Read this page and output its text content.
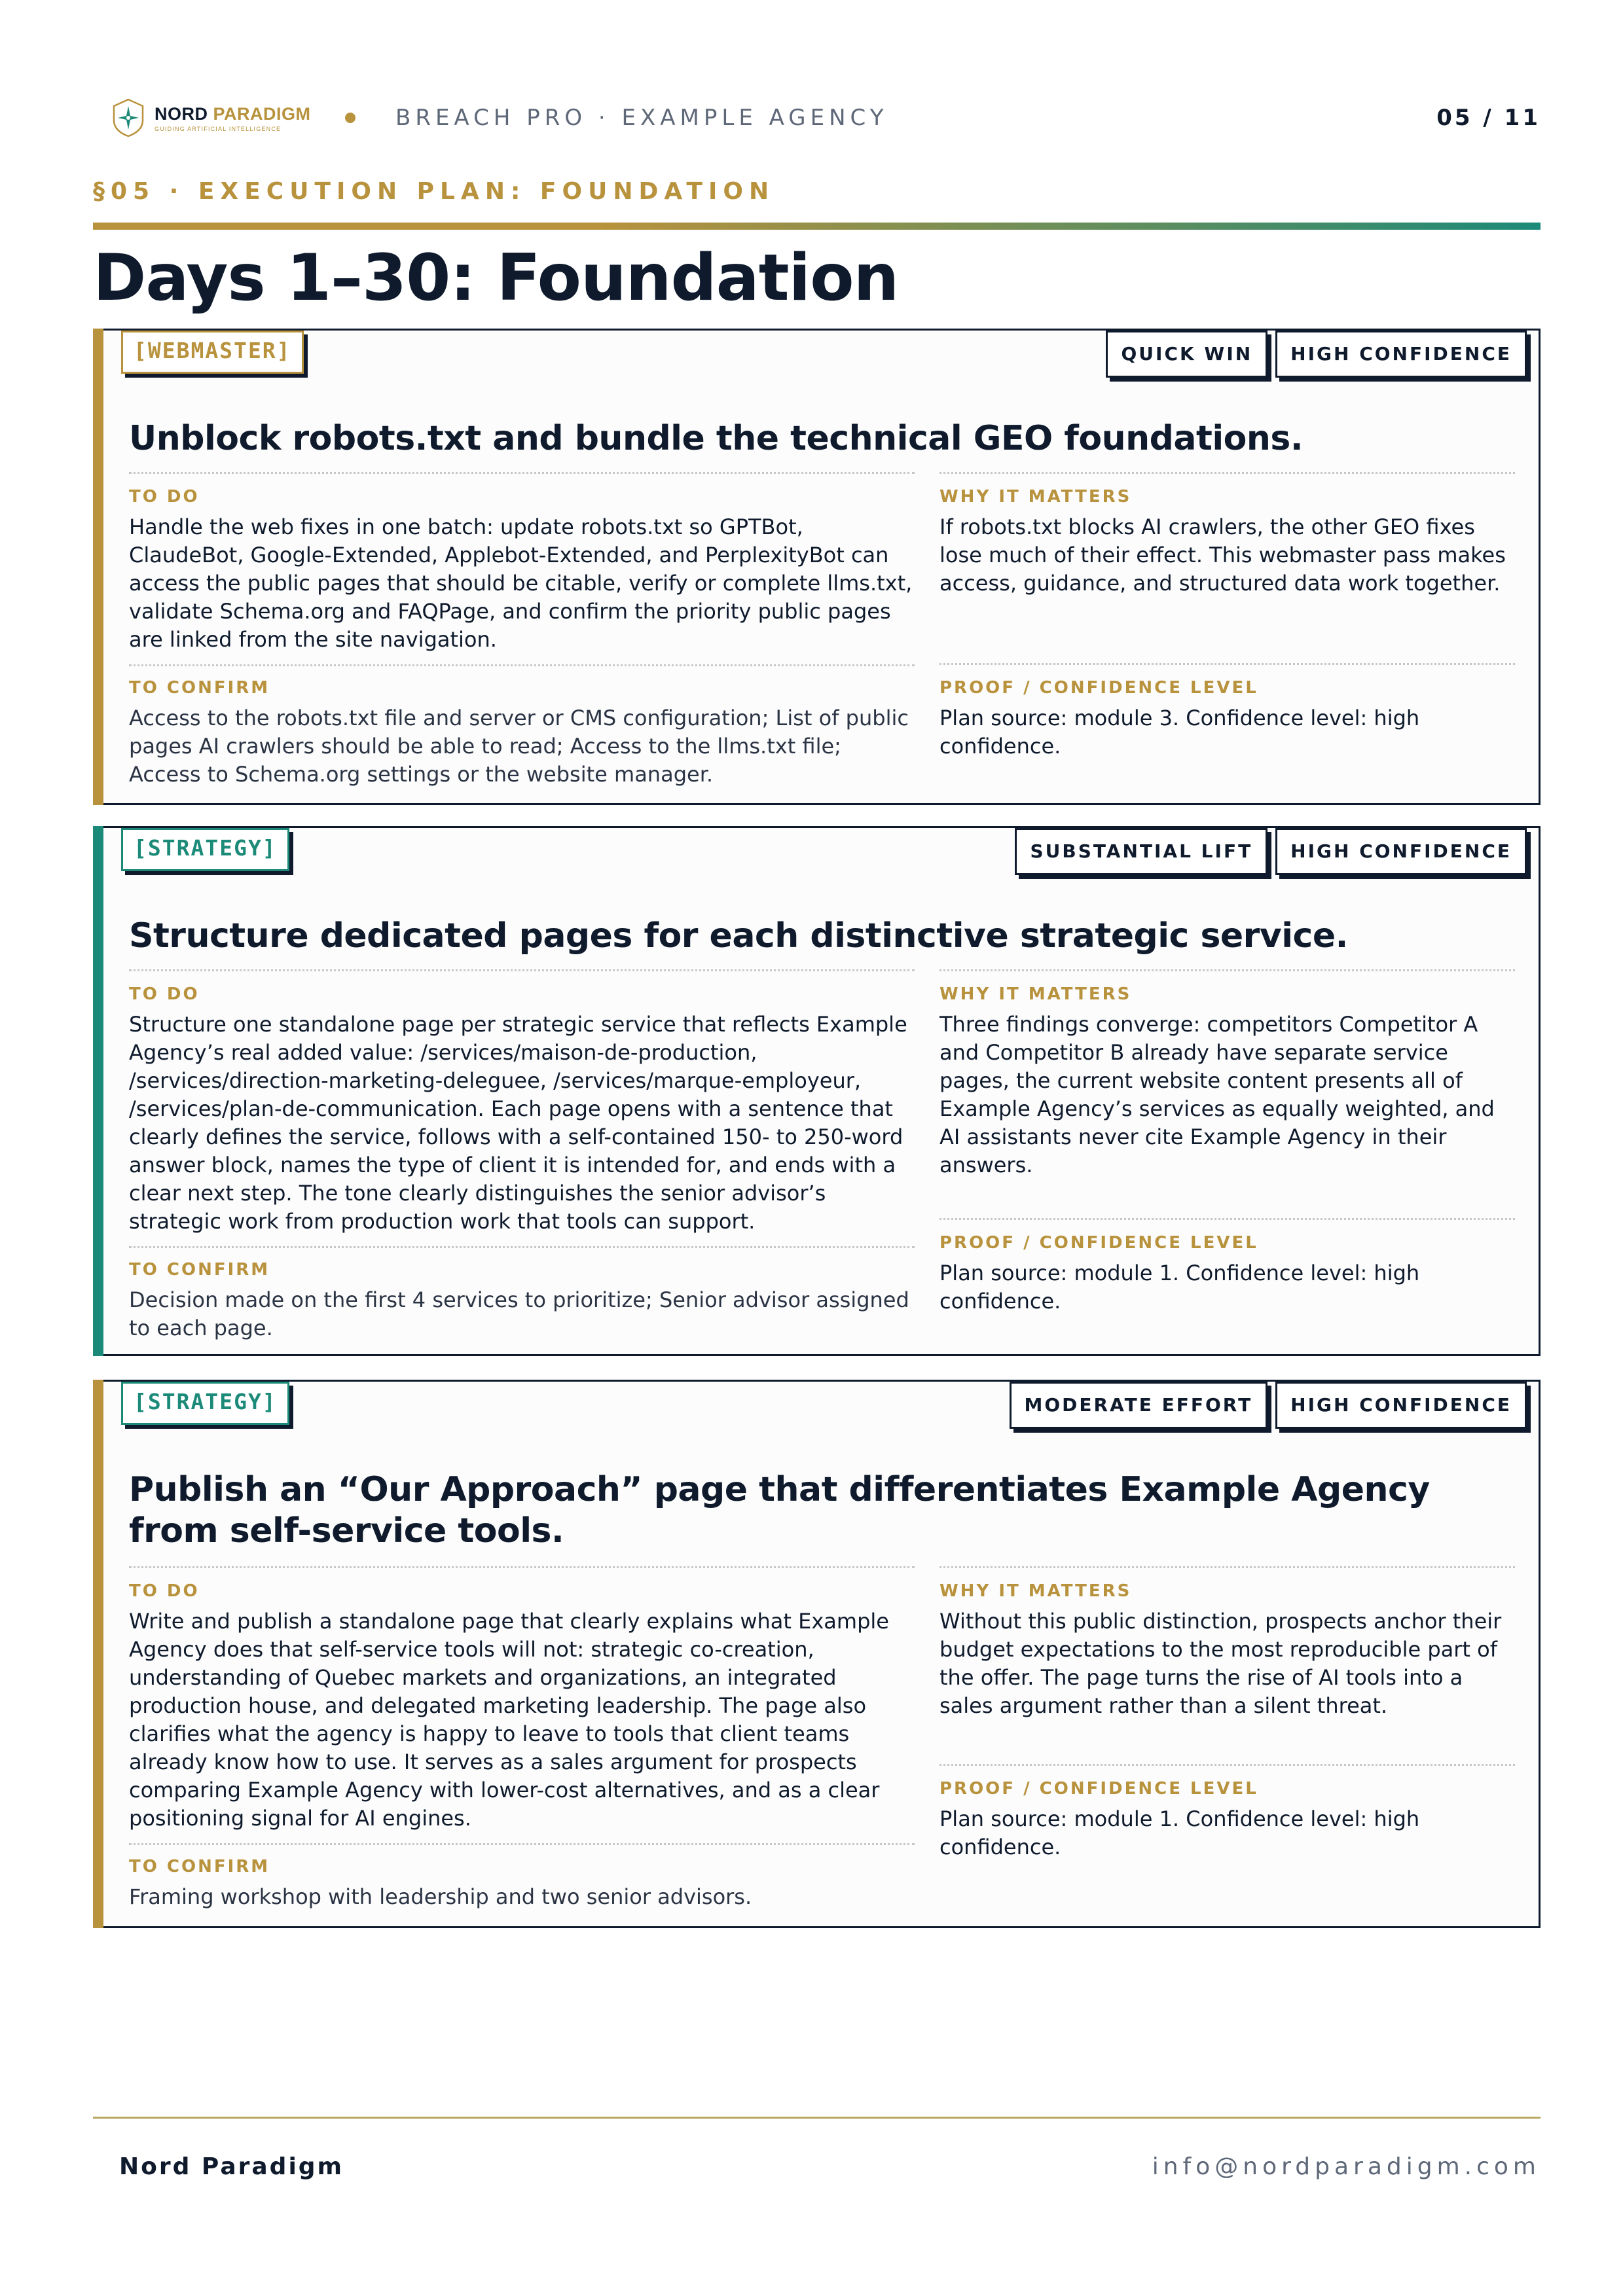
NORD PARADIGM
GUIDING ARTIFICIAL INTELLIGENCE	BREACH PRO · EXAMPLE AGENCY	05 / 11
§05 · EXECUTION PLAN: FOUNDATION
Days 1–30: Foundation
[WEBMASTER]	QUICK WIN	HIGH CONFIDENCE
Unblock robots.txt and bundle the technical GEO foundations.
TO DO
Handle the web fixes in one batch: update robots.txt so GPTBot, ClaudeBot, Google-Extended, Applebot-Extended, and PerplexityBot can access the public pages that should be citable, verify or complete llms.txt, validate Schema.org and FAQPage, and confirm the priority public pages are linked from the site navigation.
TO CONFIRM
Access to the robots.txt file and server or CMS configuration; List of public pages AI crawlers should be able to read; Access to the llms.txt file; Access to Schema.org settings or the website manager.
WHY IT MATTERS
If robots.txt blocks AI crawlers, the other GEO fixes lose much of their effect. This webmaster pass makes access, guidance, and structured data work together.
PROOF / CONFIDENCE LEVEL
Plan source: module 3. Confidence level: high confidence.
[STRATEGY]	SUBSTANTIAL LIFT	HIGH CONFIDENCE
Structure dedicated pages for each distinctive strategic service.
TO DO
Structure one standalone page per strategic service that reflects Example Agency’s real added value: /services/maison-de-production, /services/direction-marketing-deleguee, /services/marque-employeur, /services/plan-de-communication. Each page opens with a sentence that clearly defines the service, follows with a self-contained 150- to 250-word answer block, names the type of client it is intended for, and ends with a clear next step. The tone clearly distinguishes the senior advisor’s strategic work from production work that tools can support.
TO CONFIRM
Decision made on the first 4 services to prioritize; Senior advisor assigned to each page.
WHY IT MATTERS
Three findings converge: competitors Competitor A and Competitor B already have separate service pages, the current website content presents all of Example Agency’s services as equally weighted, and AI assistants never cite Example Agency in their answers.
PROOF / CONFIDENCE LEVEL
Plan source: module 1. Confidence level: high confidence.
[STRATEGY]	MODERATE EFFORT	HIGH CONFIDENCE
Publish an “Our Approach” page that differentiates Example Agency from self-service tools.
TO DO
Write and publish a standalone page that clearly explains what Example Agency does that self-service tools will not: strategic co-creation, understanding of Quebec markets and organizations, an integrated production house, and delegated marketing leadership. The page also clarifies what the agency is happy to leave to tools that client teams already know how to use. It serves as a sales argument for prospects comparing Example Agency with lower-cost alternatives, and as a clear positioning signal for AI engines.
TO CONFIRM
Framing workshop with leadership and two senior advisors.
WHY IT MATTERS
Without this public distinction, prospects anchor their budget expectations to the most reproducible part of the offer. The page turns the rise of AI tools into a sales argument rather than a silent threat.
PROOF / CONFIDENCE LEVEL
Plan source: module 1. Confidence level: high confidence.
Nord Paradigm	info@nordparadigm.com
